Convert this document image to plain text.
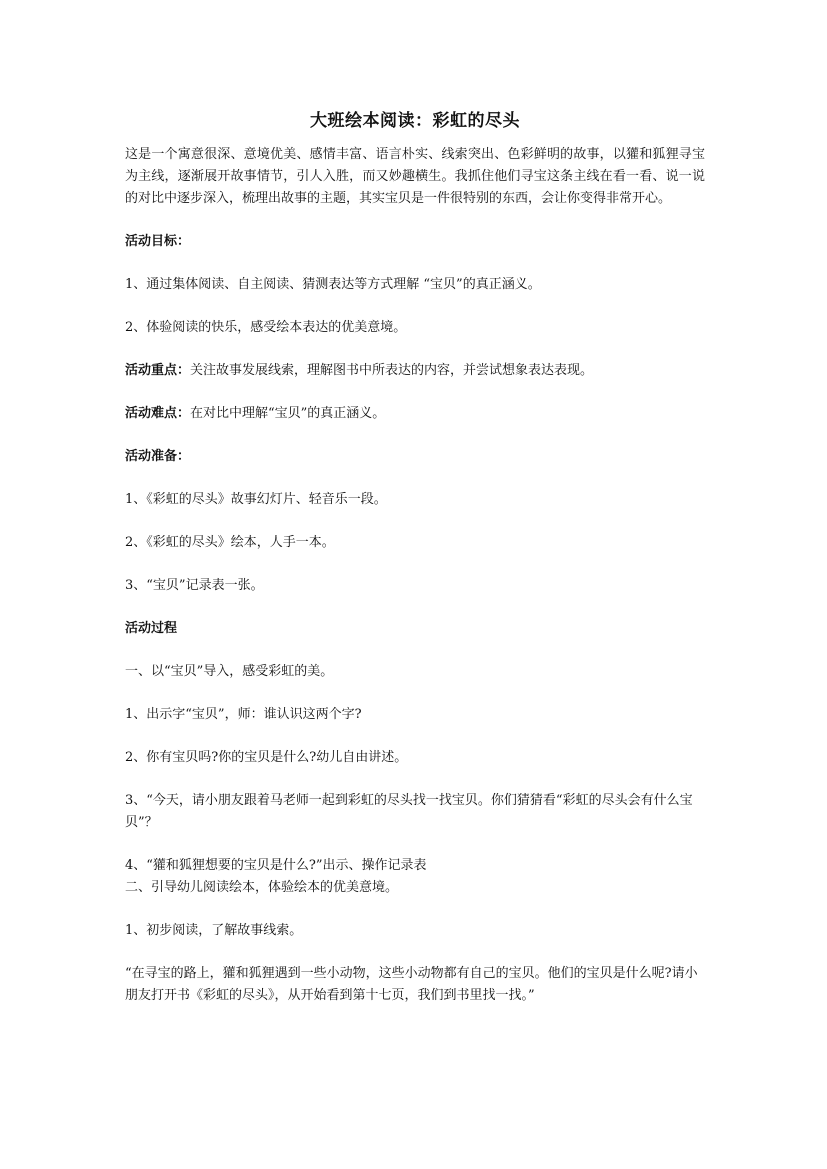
大班绘本阅读：彩虹的尽头

这是一个寓意很深、意境优美、感情丰富、语言朴实、线索突出、色彩鲜明的故事，以獾和狐狸寻宝为主线，逐渐展开故事情节，引人入胜，而又妙趣横生。我抓住他们寻宝这条主线在看一看、说一说的对比中逐步深入，梳理出故事的主题，其实宝贝是一件很特别的东西，会让你变得非常开心。

活动目标：

1、通过集体阅读、自主阅读、猜测表达等方式理解 “宝贝”的真正涵义。

2、体验阅读的快乐，感受绘本表达的优美意境。

活动重点：关注故事发展线索，理解图书中所表达的内容，并尝试想象表达表现。

活动难点：在对比中理解“宝贝”的真正涵义。

活动准备：

1、《彩虹的尽头》故事幻灯片、轻音乐一段。

2、《彩虹的尽头》绘本，人手一本。

3、“宝贝”记录表一张。

活动过程

一、以“宝贝”导入，感受彩虹的美。

1、出示字“宝贝”，师：谁认识这两个字?

2、你有宝贝吗?你的宝贝是什么?幼儿自由讲述。

3、“今天，请小朋友跟着马老师一起到彩虹的尽头找一找宝贝。你们猜猜看“彩虹的尽头会有什么宝贝”？

4、“獾和狐狸想要的宝贝是什么?”出示、操作记录表

二、引导幼儿阅读绘本，体验绘本的优美意境。

1、初步阅读，了解故事线索。

“在寻宝的路上，獾和狐狸遇到一些小动物，这些小动物都有自己的宝贝。他们的宝贝是什么呢?请小朋友打开书《彩虹的尽头》，从开始看到第十七页，我们到书里找一找。”
